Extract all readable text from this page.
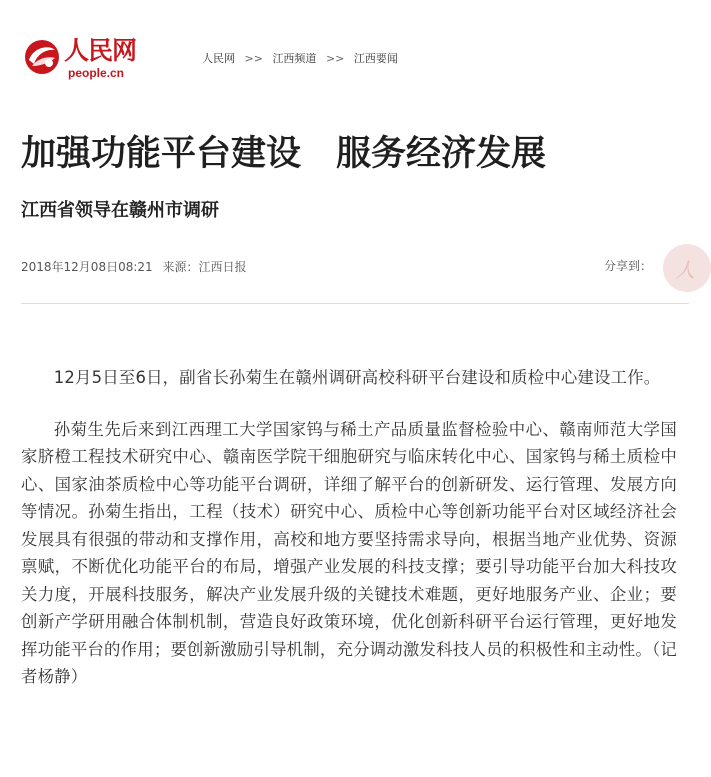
人民网
people.cn
人民网 >> 江西频道 >> 江西要闻
加强功能平台建设　服务经济发展
江西省领导在赣州市调研
2018年12月08日08:21 来源：江西日报	分享到： 人

12月5日至6日，副省长孙菊生在赣州调研高校科研平台建设和质检中心建设工作。

孙菊生先后来到江西理工大学国家钨与稀土产品质量监督检验中心、赣南师范大学国家脐橙工程技术研究中心、赣南医学院干细胞研究与临床转化中心、国家钨与稀土质检中心、国家油茶质检中心等功能平台调研，详细了解平台的创新研发、运行管理、发展方向等情况。孙菊生指出，工程（技术）研究中心、质检中心等创新功能平台对区域经济社会发展具有很强的带动和支撑作用，高校和地方要坚持需求导向，根据当地产业优势、资源禀赋，不断优化功能平台的布局，增强产业发展的科技支撑；要引导功能平台加大科技攻关力度，开展科技服务，解决产业发展升级的关键技术难题，更好地服务产业、企业；要创新产学研用融合体制机制，营造良好政策环境，优化创新科研平台运行管理，更好地发挥功能平台的作用；要创新激励引导机制，充分调动激发科技人员的积极性和主动性。（记者杨静）
